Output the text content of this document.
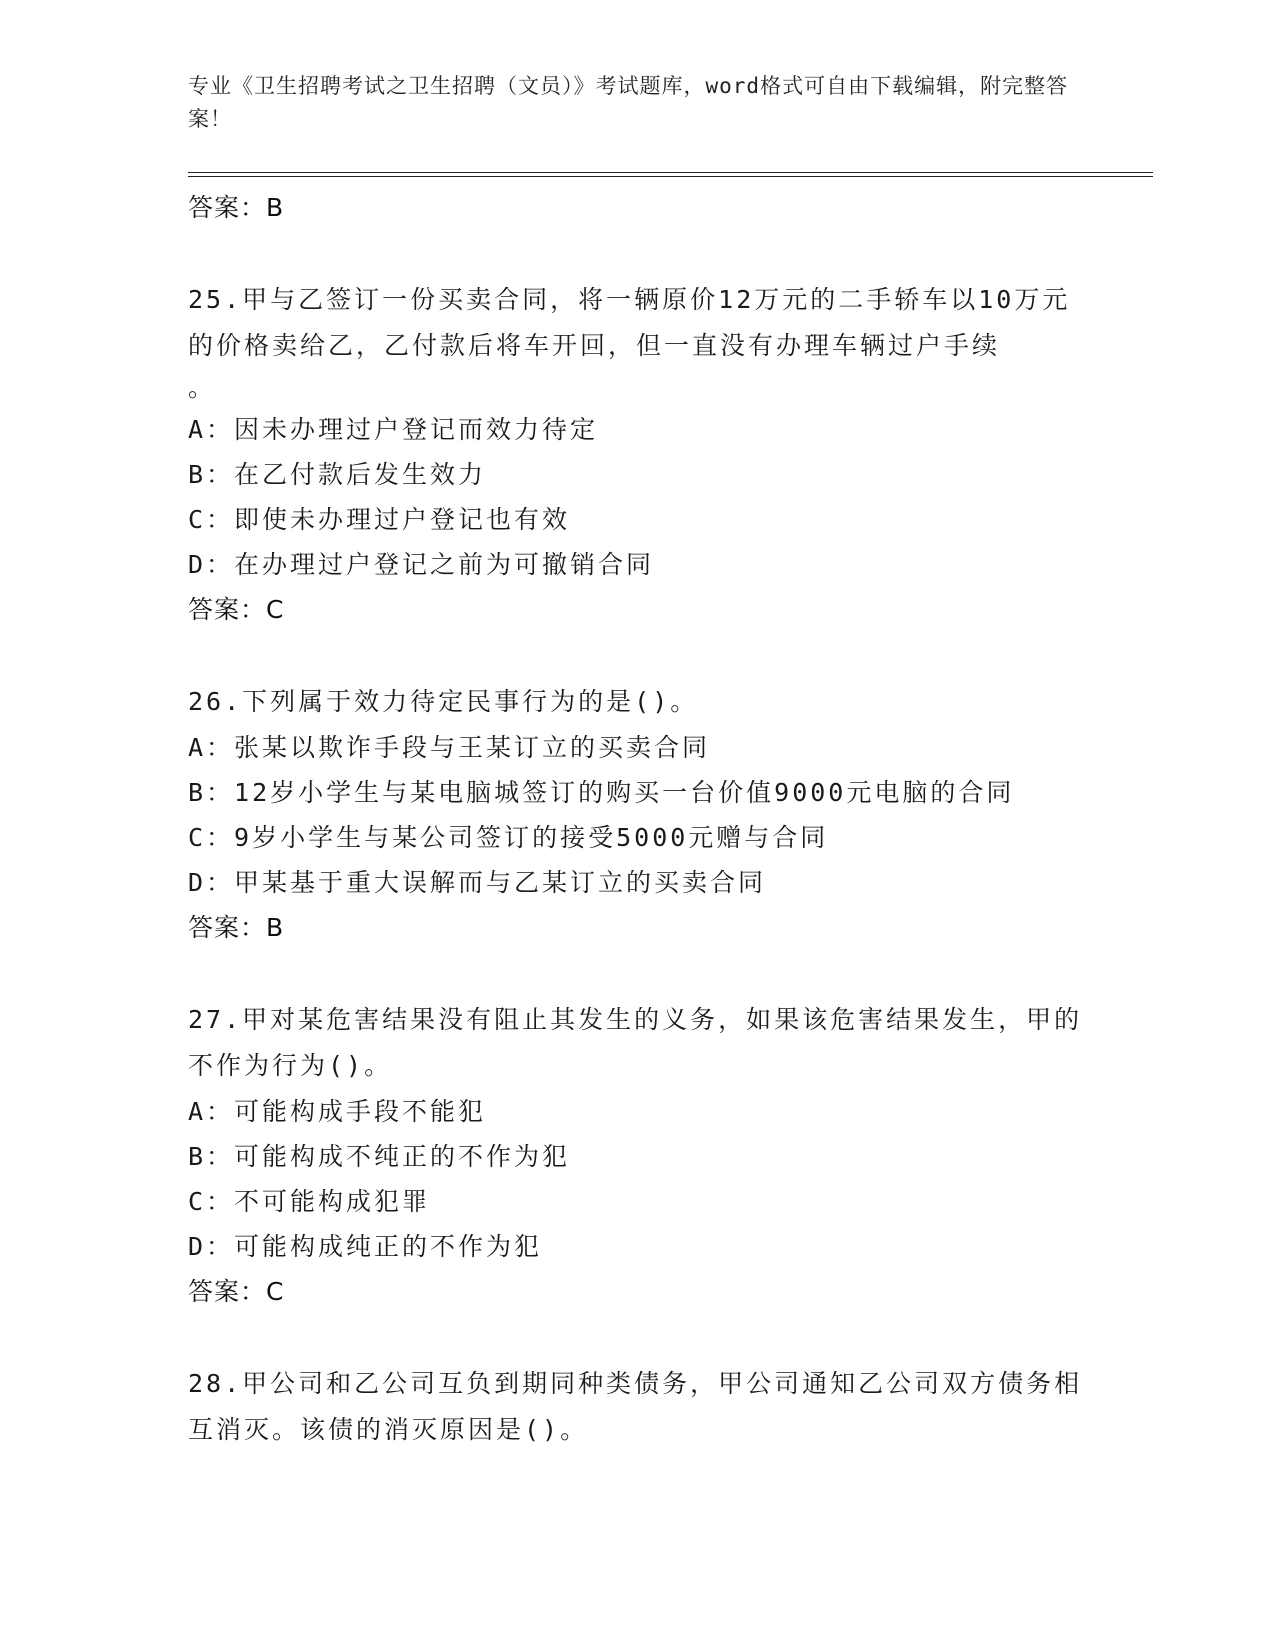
专业《卫生招聘考试之卫生招聘（文员）》考试题库，word格式可自由下载编辑，附完整答案！
答案：B
25.甲与乙签订一份买卖合同，将一辆原价12万元的二手轿车以10万元的价格卖给乙，乙付款后将车开回，但一直没有办理车辆过户手续
。
A：因未办理过户登记而效力待定
B：在乙付款后发生效力
C：即使未办理过户登记也有效
D：在办理过户登记之前为可撤销合同
答案：C
26.下列属于效力待定民事行为的是()。
A：张某以欺诈手段与王某订立的买卖合同
B：12岁小学生与某电脑城签订的购买一台价值9000元电脑的合同
C：9岁小学生与某公司签订的接受5000元赠与合同
D：甲某基于重大误解而与乙某订立的买卖合同
答案：B
27.甲对某危害结果没有阻止其发生的义务，如果该危害结果发生，甲的不作为行为()。
A：可能构成手段不能犯
B：可能构成不纯正的不作为犯
C：不可能构成犯罪
D：可能构成纯正的不作为犯
答案：C
28.甲公司和乙公司互负到期同种类债务，甲公司通知乙公司双方债务相互消灭。该债的消灭原因是()。
